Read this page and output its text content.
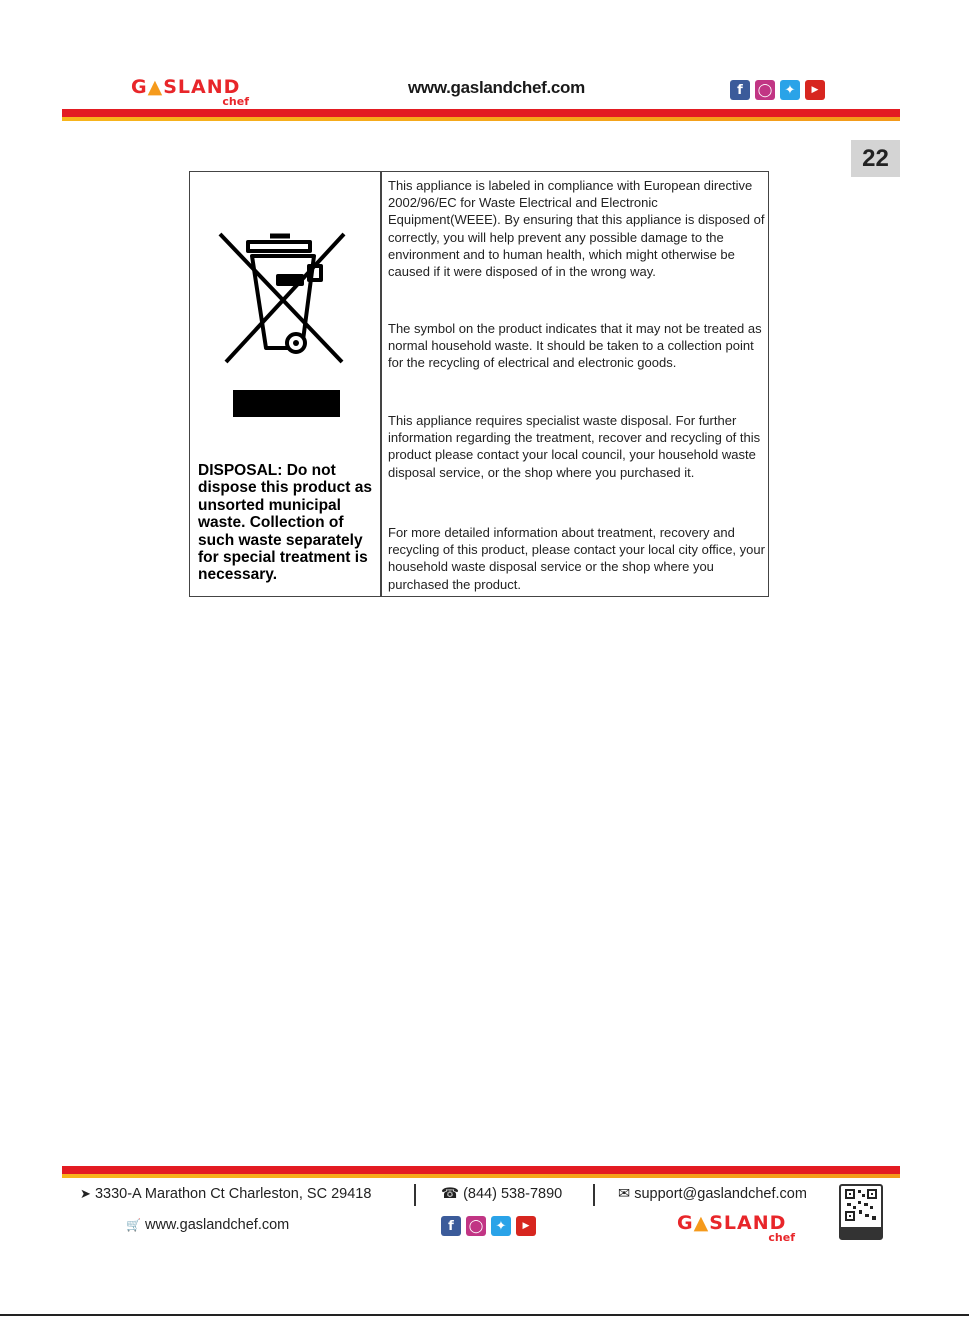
G▲SLAND
chef
www.gaslandchef.com	f	◯ ✦	▶
22
DISPOSAL: Do not dispose this product as unsorted municipal waste. Collection of such waste separately for special treatment is necessary.
This appliance is labeled in compliance with European directive 2002/96/EC for Waste Electrical and Electronic Equipment(WEEE). By ensuring that this appliance is disposed of correctly, you will help prevent any possible damage to the environment and to human health, which might otherwise be caused if it were disposed of in the wrong way.
The symbol on the product indicates that it may not be treated as normal household waste. It should be taken to a collection point for the recycling of electrical and electronic goods.
This appliance requires specialist waste disposal. For further information regarding the treatment, recover and recycling of this product please contact your local council, your household waste disposal service, or the shop where you purchased it.
For more detailed information about treatment, recovery and recycling of this product, please contact your local city office, your household waste disposal service or the shop where you purchased the product.
➤ 3330-A Marathon Ct Charleston, SC 29418	☎ (844) 538-7890	✉ support@gaslandchef.com
🛒 www.gaslandchef.com	f	◯ ✦	▶	G▲SLAND
chef
